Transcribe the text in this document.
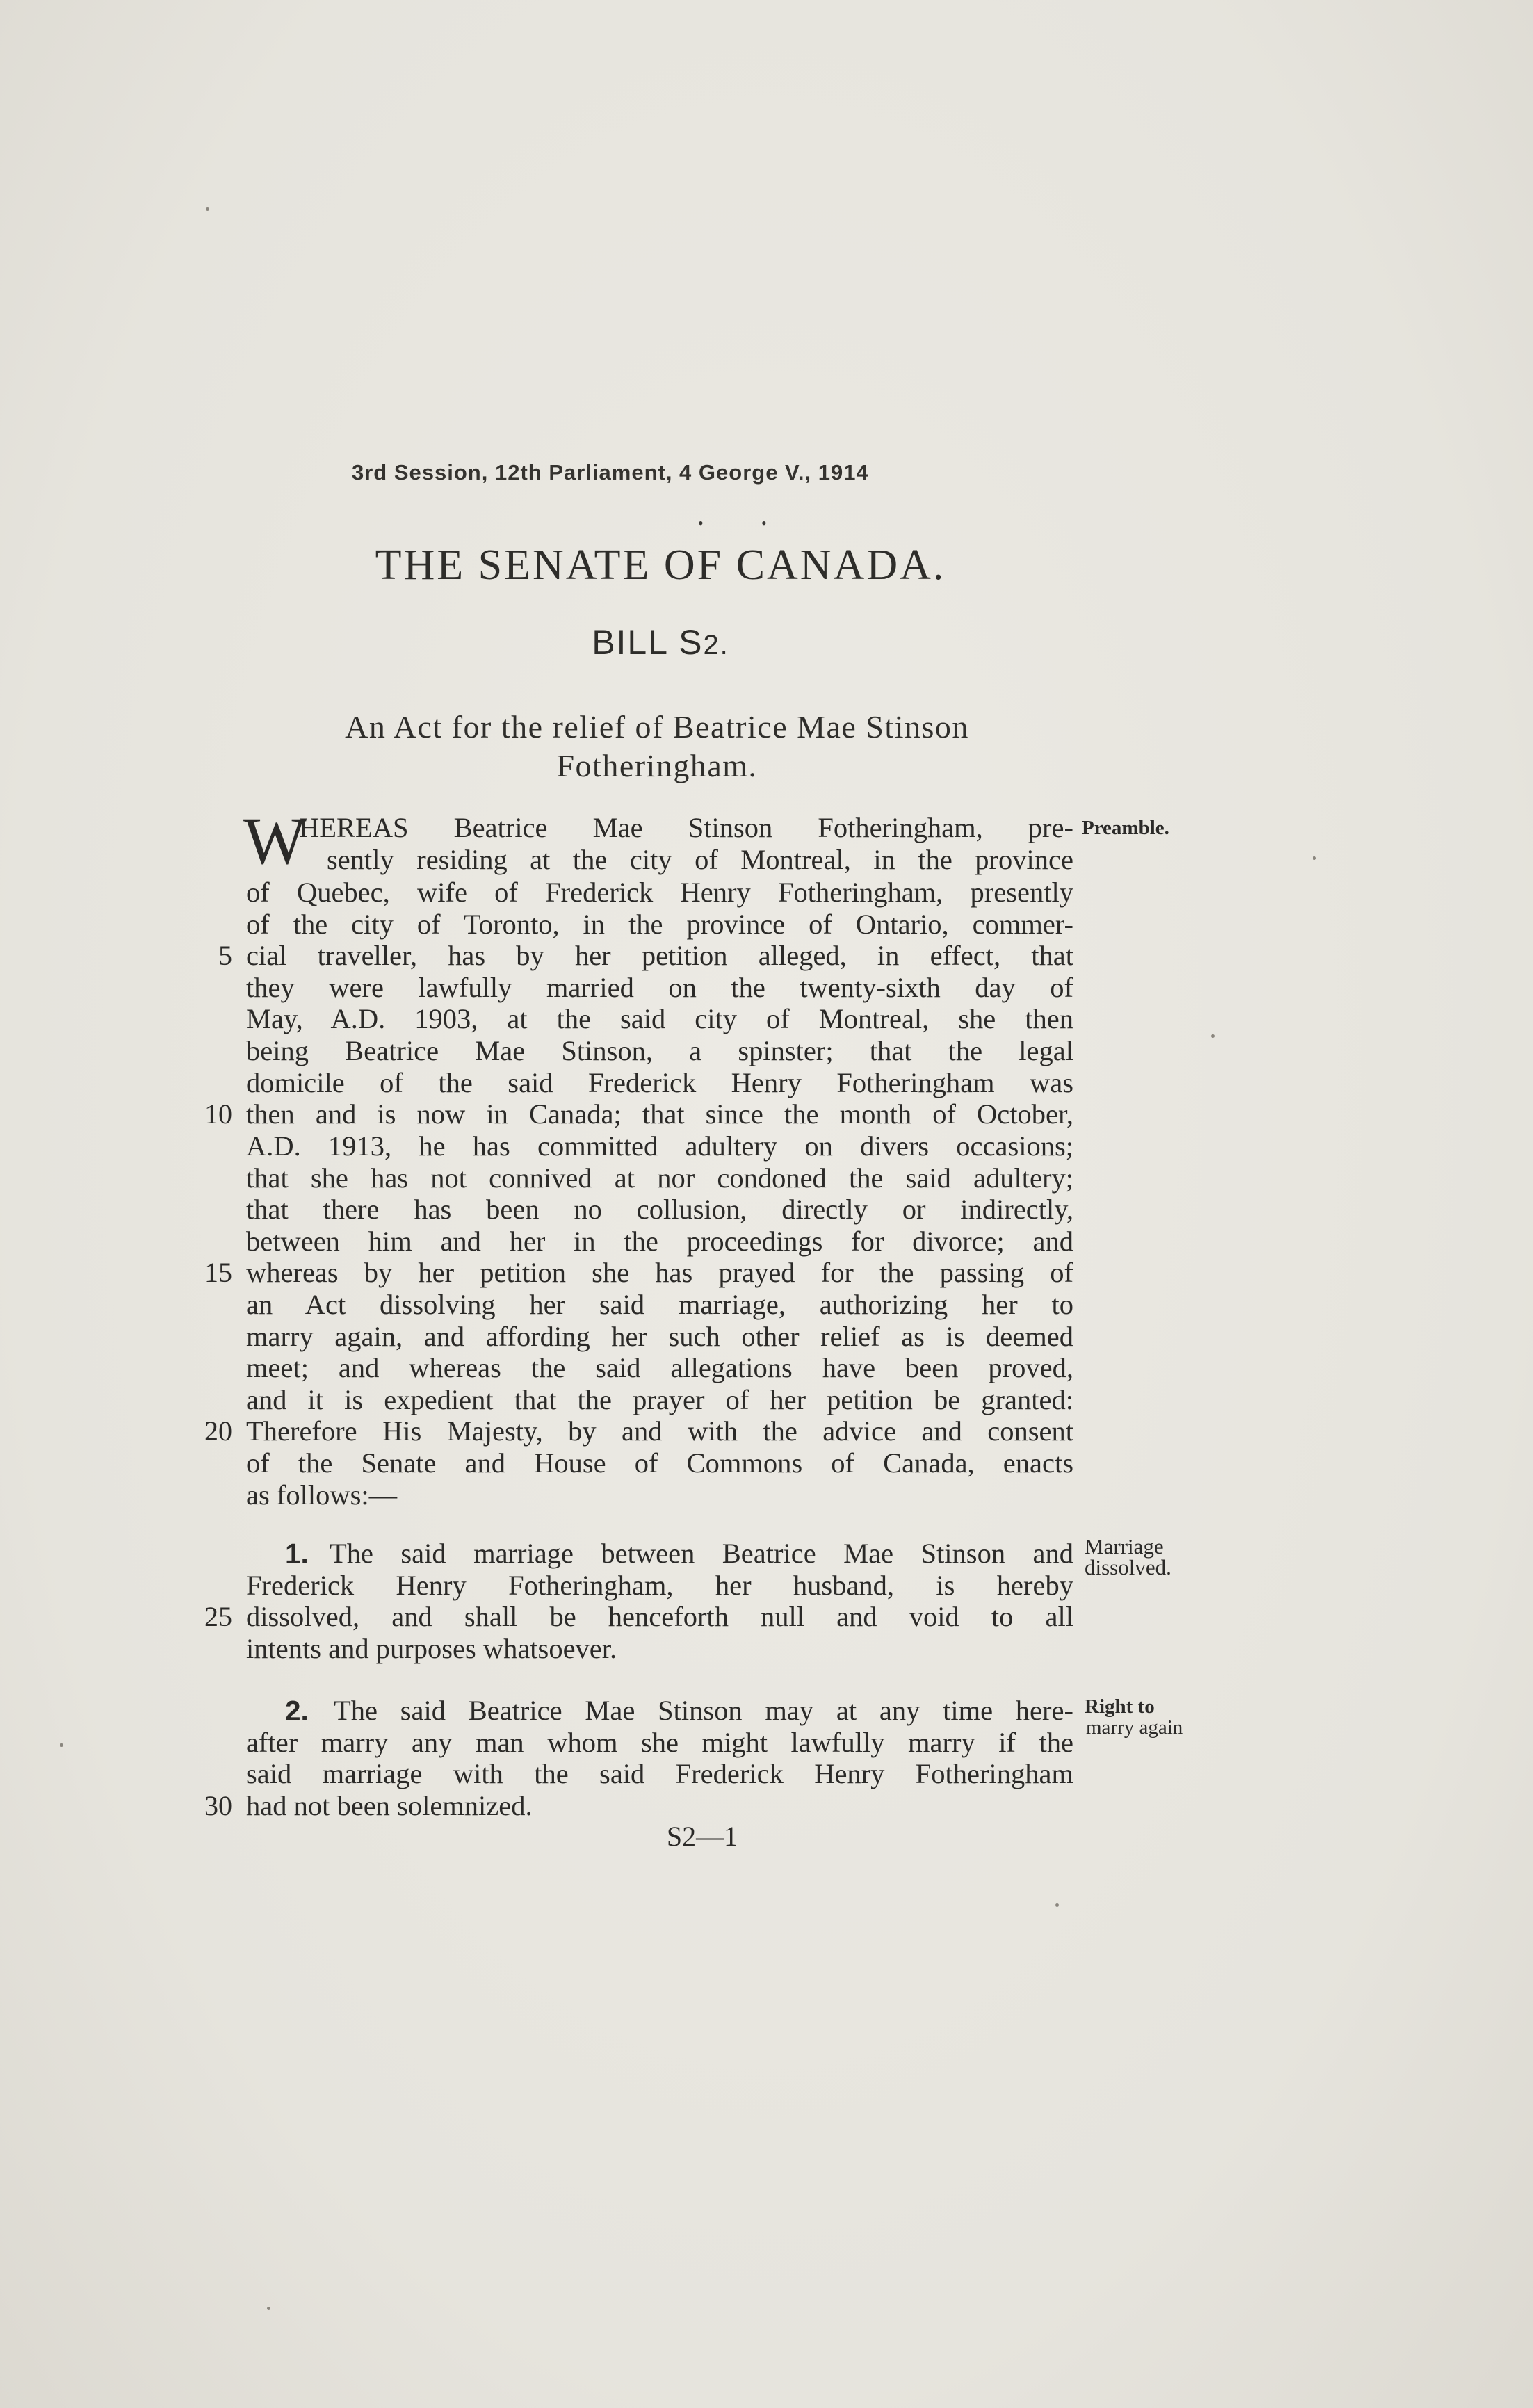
3rd Session, 12th Parliament, 4 George V., 1914
•	•
THE SENATE OF CANADA.
BILL S2.
An Act for the relief of Beatrice Mae Stinson
Fotheringham.
W
HEREAS Beatrice Mae Stinson Fotheringham, pre-
sently residing at the city of Montreal, in the province
of Quebec, wife of Frederick Henry Fotheringham, presently
of the city of Toronto, in the province of Ontario, commer-
cial traveller, has by her petition alleged, in effect, that
they were lawfully married on the twenty-sixth day of
May, A.D. 1903, at the said city of Montreal, she then
being Beatrice Mae Stinson, a spinster; that the legal
domicile of the said Frederick Henry Fotheringham was
then and is now in Canada; that since the month of October,
A.D. 1913, he has committed adultery on divers occasions;
that she has not connived at nor condoned the said adultery;
that there has been no collusion, directly or indirectly,
between him and her in the proceedings for divorce; and
whereas by her petition she has prayed for the passing of
an Act dissolving her said marriage, authorizing her to
marry again, and affording her such other relief as is deemed
meet; and whereas the said allegations have been proved,
and it is expedient that the prayer of her petition be granted:
Therefore His Majesty, by and with the advice and consent
of the Senate and House of Commons of Canada, enacts
as follows:—
Preamble.
1. The said marriage between Beatrice Mae Stinson and
Frederick Henry Fotheringham, her husband, is hereby
dissolved, and shall be henceforth null and void to all
intents and purposes whatsoever.
Marriage
dissolved.
2. The said Beatrice Mae Stinson may at any time here-
after marry any man whom she might lawfully marry if the
said marriage with the said Frederick Henry Fotheringham
had not been solemnized.
Right to
marry again
5
10
15
20
25
30
S2—1
